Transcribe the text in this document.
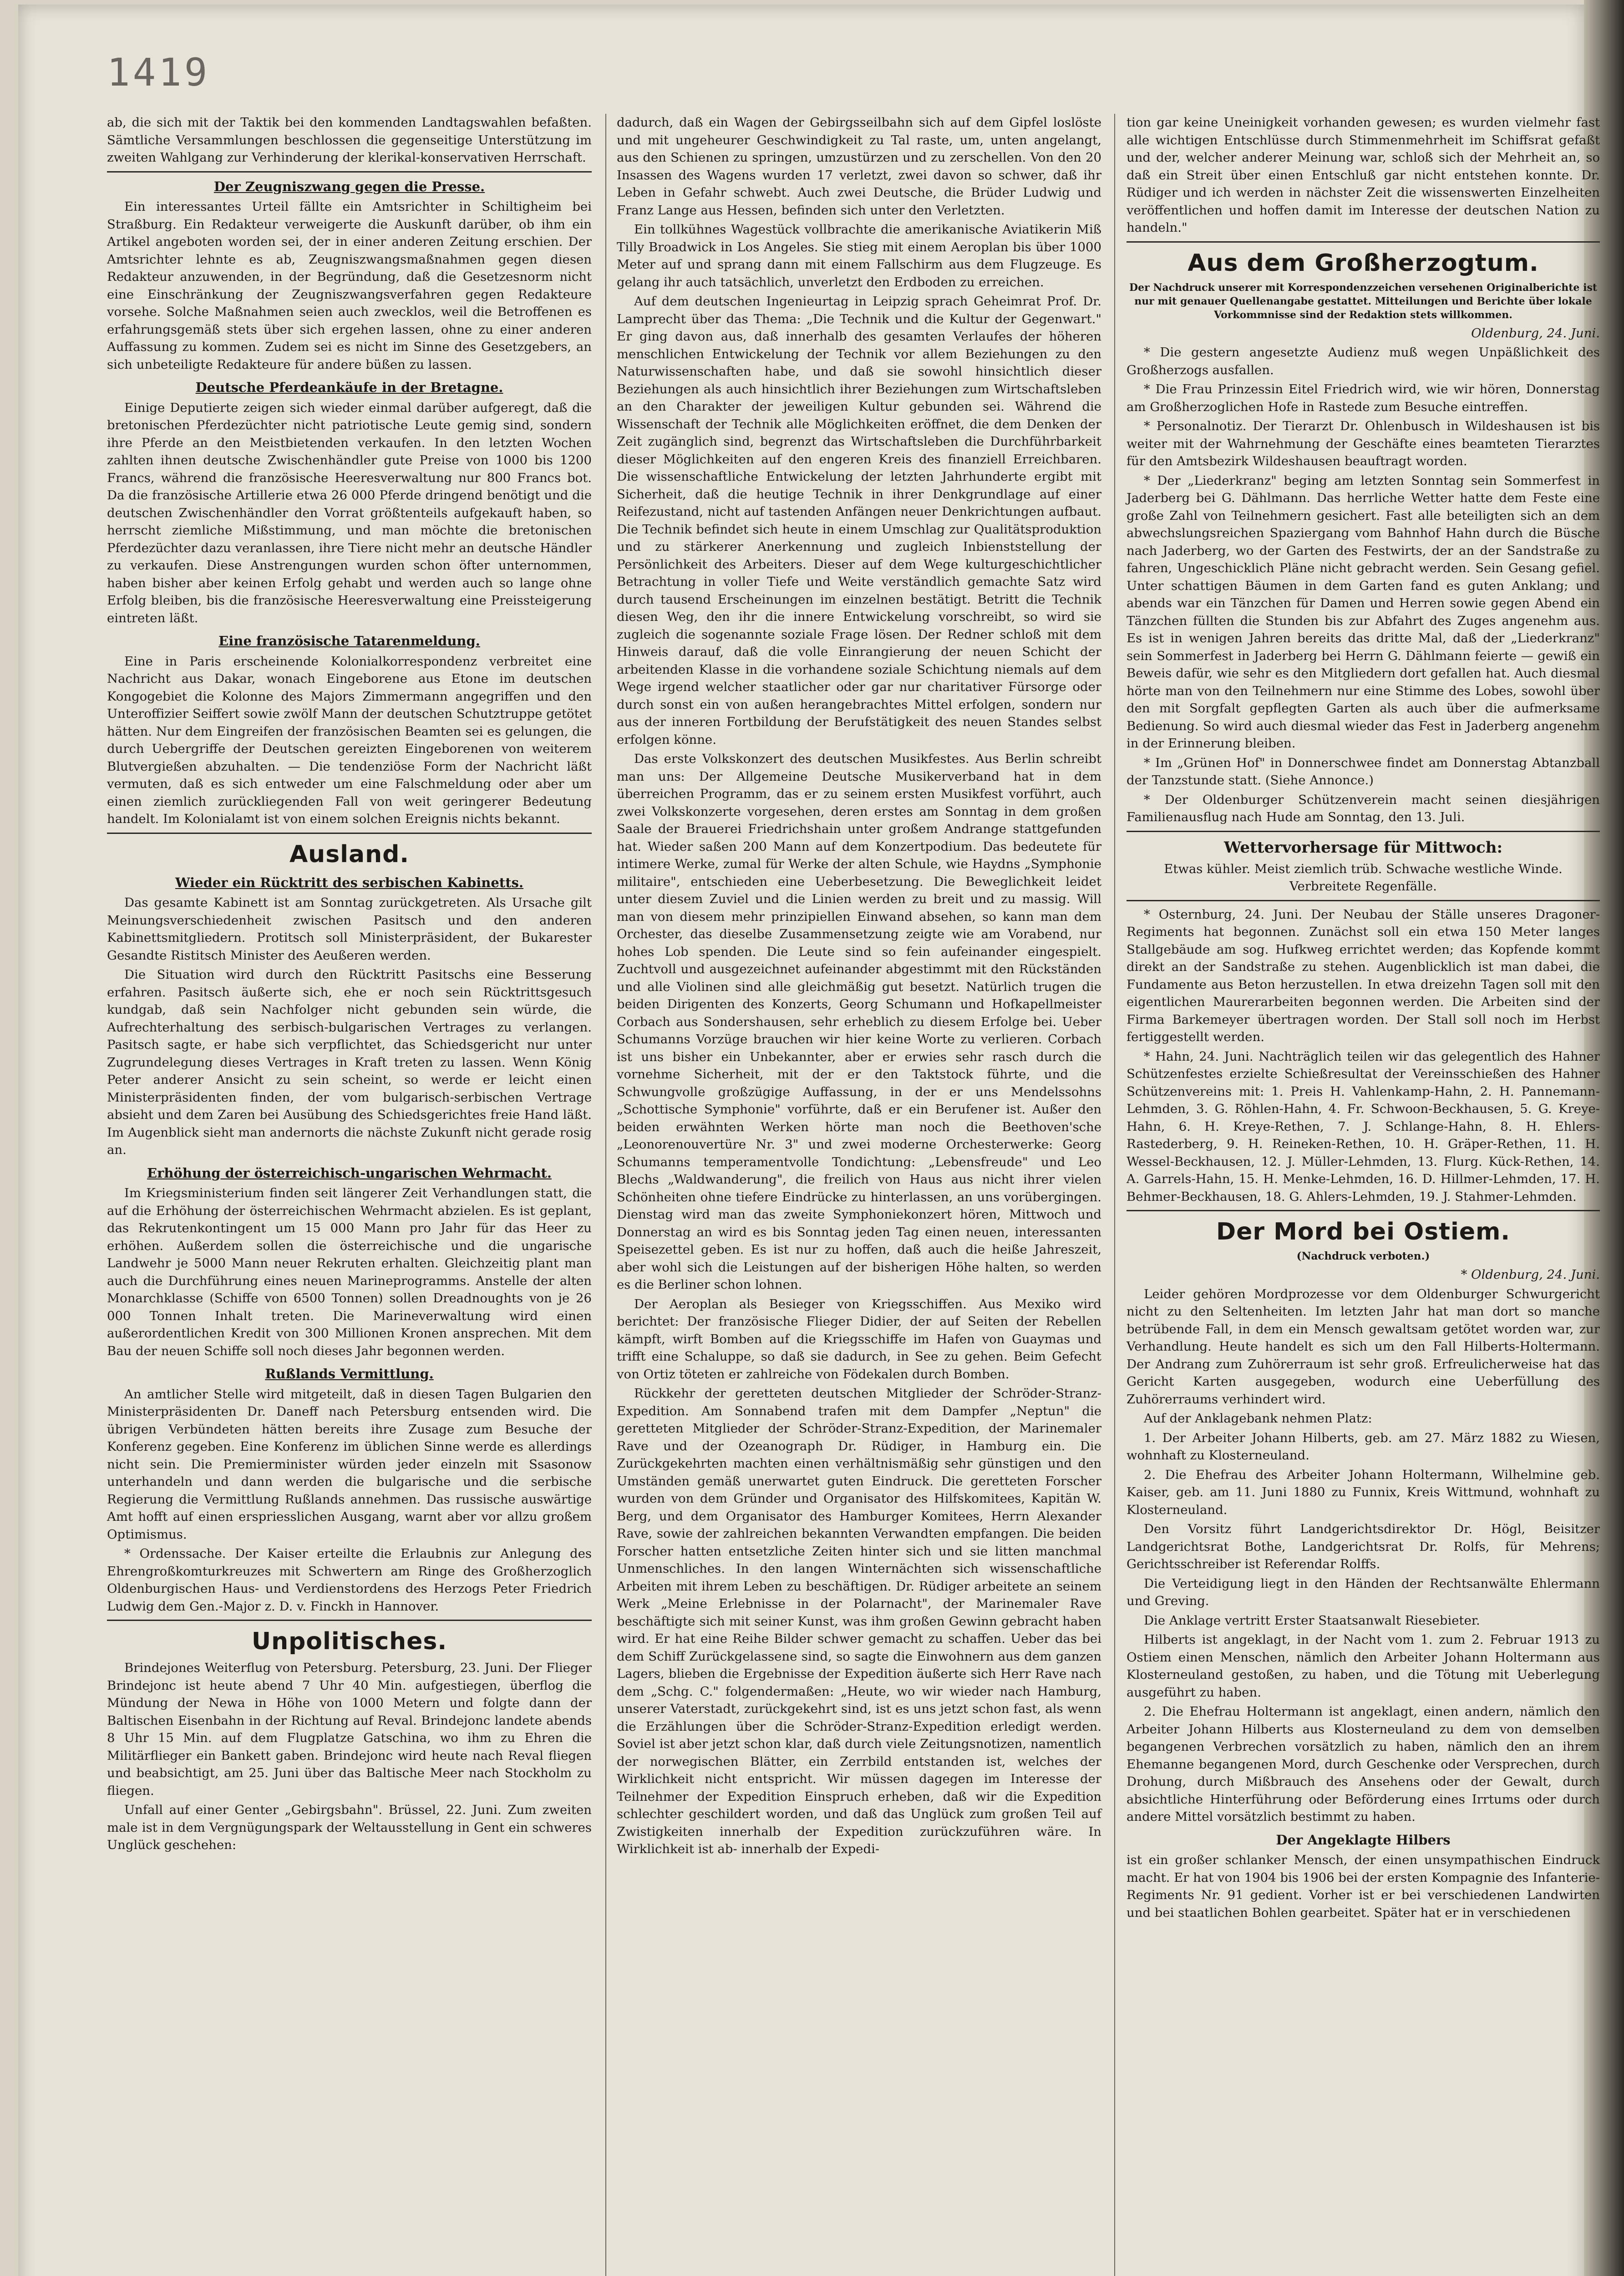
1419

ab, die sich mit der Taktik bei den kommenden Landtagswahlen befaßten. Sämtliche Versammlungen beschlossen die gegenseitige Unterstützung im zweiten Wahlgang zur Verhinderung der klerikal-konservativen Herrschaft.

Der Zeugniszwang gegen die Presse.

Ein interessantes Urteil fällte ein Amtsrichter in Schiltigheim bei Straßburg. Ein Redakteur verweigerte die Auskunft darüber, ob ihm ein Artikel angeboten worden sei, der in einer anderen Zeitung erschien. Der Amtsrichter lehnte es ab, Zeugniszwangsmaßnahmen gegen diesen Redakteur anzuwenden, in der Begründung, daß die Gesetzesnorm nicht eine Einschränkung der Zeugniszwangsverfahren gegen Redakteure vorsehe. Solche Maßnahmen seien auch zwecklos, weil die Betroffenen es erfahrungsgemäß stets über sich ergehen lassen, ohne zu einer anderen Auffassung zu kommen. Zudem sei es nicht im Sinne des Gesetzgebers, an sich unbeteiligte Redakteure für andere büßen zu lassen.

Deutsche Pferdeankäufe in der Bretagne.

Einige Deputierte zeigen sich wieder einmal darüber aufgeregt, daß die bretonischen Pferdezüchter nicht patriotische Leute gemig sind, sondern ihre Pferde an den Meistbietenden verkaufen. In den letzten Wochen zahlten ihnen deutsche Zwischenhändler gute Preise von 1000 bis 1200 Francs, während die französische Heeresverwaltung nur 800 Francs bot. Da die französische Artillerie etwa 26 000 Pferde dringend benötigt und die deutschen Zwischenhändler den Vorrat größtenteils aufgekauft haben, so herrscht ziemliche Mißstimmung, und man möchte die bretonischen Pferdezüchter dazu veranlassen, ihre Tiere nicht mehr an deutsche Händler zu verkaufen. Diese Anstrengungen wurden schon öfter unternommen, haben bisher aber keinen Erfolg gehabt und werden auch so lange ohne Erfolg bleiben, bis die französische Heeresverwaltung eine Preissteigerung eintreten läßt.

Eine französische Tatarenmeldung.

Eine in Paris erscheinende Kolonialkorrespondenz verbreitet eine Nachricht aus Dakar, wonach Eingeborene aus Etone im deutschen Kongogebiet die Kolonne des Majors Zimmermann angegriffen und den Unteroffizier Seiffert sowie zwölf Mann der deutschen Schutztruppe getötet hätten. Nur dem Eingreifen der französischen Beamten sei es gelungen, die durch Uebergriffe der Deutschen gereizten Eingeborenen von weiterem Blutvergießen abzuhalten. — Die tendenziöse Form der Nachricht läßt vermuten, daß es sich entweder um eine Falschmeldung oder aber um einen ziemlich zurückliegenden Fall von weit geringerer Bedeutung handelt. Im Kolonialamt ist von einem solchen Ereignis nichts bekannt.

Ausland.
Wieder ein Rücktritt des serbischen Kabinetts.

Das gesamte Kabinett ist am Sonntag zurückgetreten. Als Ursache gilt Meinungsverschiedenheit zwischen Pasitsch und den anderen Kabinettsmitgliedern. Protitsch soll Ministerpräsident, der Bukarester Gesandte Ristitsch Minister des Aeußeren werden.

Die Situation wird durch den Rücktritt Pasitschs eine Besserung erfahren. Pasitsch äußerte sich, ehe er noch sein Rücktrittsgesuch kundgab, daß sein Nachfolger nicht gebunden sein würde, die Aufrechterhaltung des serbisch-bulgarischen Vertrages zu verlangen. Pasitsch sagte, er habe sich verpflichtet, das Schiedsgericht nur unter Zugrundelegung dieses Vertrages in Kraft treten zu lassen. Wenn König Peter anderer Ansicht zu sein scheint, so werde er leicht einen Ministerpräsidenten finden, der vom bulgarisch-serbischen Vertrage absieht und dem Zaren bei Ausübung des Schiedsgerichtes freie Hand läßt. Im Augenblick sieht man andernorts die nächste Zukunft nicht gerade rosig an.

Erhöhung der österreichisch-ungarischen Wehrmacht.

Im Kriegsministerium finden seit längerer Zeit Verhandlungen statt, die auf die Erhöhung der österreichischen Wehrmacht abzielen. Es ist geplant, das Rekrutenkontingent um 15 000 Mann pro Jahr für das Heer zu erhöhen. Außerdem sollen die österreichische und die ungarische Landwehr je 5000 Mann neuer Rekruten erhalten. Gleichzeitig plant man auch die Durchführung eines neuen Marineprogramms. Anstelle der alten Monarchklasse (Schiffe von 6500 Tonnen) sollen Dreadnoughts von je 26 000 Tonnen Inhalt treten. Die Marineverwaltung wird einen außerordentlichen Kredit von 300 Millionen Kronen ansprechen. Mit dem Bau der neuen Schiffe soll noch dieses Jahr begonnen werden.

Rußlands Vermittlung.

An amtlicher Stelle wird mitgeteilt, daß in diesen Tagen Bulgarien den Ministerpräsidenten Dr. Daneff nach Petersburg entsenden wird. Die übrigen Verbündeten hätten bereits ihre Zusage zum Besuche der Konferenz gegeben. Eine Konferenz im üblichen Sinne werde es allerdings nicht sein. Die Premierminister würden jeder einzeln mit Ssasonow unterhandeln und dann werden die bulgarische und die serbische Regierung die Vermittlung Rußlands annehmen. Das russische auswärtige Amt hofft auf einen erspriesslichen Ausgang, warnt aber vor allzu großem Optimismus.

* Ordenssache. Der Kaiser erteilte die Erlaubnis zur Anlegung des Ehrengroßkomturkreuzes mit Schwertern am Ringe des Großherzoglich Oldenburgischen Haus- und Verdienstordens des Herzogs Peter Friedrich Ludwig dem Gen.-Major z. D. v. Finckh in Hannover.

Unpolitisches.

Brindejones Weiterflug von Petersburg. Petersburg, 23. Juni. Der Flieger Brindejonc ist heute abend 7 Uhr 40 Min. aufgestiegen, überflog die Mündung der Newa in Höhe von 1000 Metern und folgte dann der Baltischen Eisenbahn in der Richtung auf Reval. Brindejonc landete abends 8 Uhr 15 Min. auf dem Flugplatze Gatschina, wo ihm zu Ehren die Militärflieger ein Bankett gaben. Brindejonc wird heute nach Reval fliegen und beabsichtigt, am 25. Juni über das Baltische Meer nach Stockholm zu fliegen.

Unfall auf einer Genter „Gebirgsbahn". Brüssel, 22. Juni. Zum zweiten male ist in dem Vergnügungspark der Weltausstellung in Gent ein schweres Unglück geschehen:

dadurch, daß ein Wagen der Gebirgsseilbahn sich auf dem Gipfel loslöste und mit ungeheurer Geschwindigkeit zu Tal raste, um, unten angelangt, aus den Schienen zu springen, umzustürzen und zu zerschellen. Von den 20 Insassen des Wagens wurden 17 verletzt, zwei davon so schwer, daß ihr Leben in Gefahr schwebt. Auch zwei Deutsche, die Brüder Ludwig und Franz Lange aus Hessen, befinden sich unter den Verletzten.

Ein tollkühnes Wagestück vollbrachte die amerikanische Aviatikerin Miß Tilly Broadwick in Los Angeles. Sie stieg mit einem Aeroplan bis über 1000 Meter auf und sprang dann mit einem Fallschirm aus dem Flugzeuge. Es gelang ihr auch tatsächlich, unverletzt den Erdboden zu erreichen.

Auf dem deutschen Ingenieurtag in Leipzig sprach Geheimrat Prof. Dr. Lamprecht über das Thema: „Die Technik und die Kultur der Gegenwart." Er ging davon aus, daß innerhalb des gesamten Verlaufes der höheren menschlichen Entwickelung der Technik vor allem Beziehungen zu den Naturwissenschaften habe, und daß sie sowohl hinsichtlich dieser Beziehungen als auch hinsichtlich ihrer Beziehungen zum Wirtschaftsleben an den Charakter der jeweiligen Kultur gebunden sei. Während die Wissenschaft der Technik alle Möglichkeiten eröffnet, die dem Denken der Zeit zugänglich sind, begrenzt das Wirtschaftsleben die Durchführbarkeit dieser Möglichkeiten auf den engeren Kreis des finanziell Erreichbaren. Die wissenschaftliche Entwickelung der letzten Jahrhunderte ergibt mit Sicherheit, daß die heutige Technik in ihrer Denkgrundlage auf einer Reifezustand, nicht auf tastenden Anfängen neuer Denkrichtungen aufbaut. Die Technik befindet sich heute in einem Umschlag zur Qualitätsproduktion und zu stärkerer Anerkennung und zugleich Inbienststellung der Persönlichkeit des Arbeiters. Dieser auf dem Wege kulturgeschichtlicher Betrachtung in voller Tiefe und Weite verständlich gemachte Satz wird durch tausend Erscheinungen im einzelnen bestätigt. Betritt die Technik diesen Weg, den ihr die innere Entwickelung vorschreibt, so wird sie zugleich die sogenannte soziale Frage lösen. Der Redner schloß mit dem Hinweis darauf, daß die volle Einrangierung der neuen Schicht der arbeitenden Klasse in die vorhandene soziale Schichtung niemals auf dem Wege irgend welcher staatlicher oder gar nur charitativer Fürsorge oder durch sonst ein von außen herangebrachtes Mittel erfolgen, sondern nur aus der inneren Fortbildung der Berufstätigkeit des neuen Standes selbst erfolgen könne.

Das erste Volkskonzert des deutschen Musikfestes. Aus Berlin schreibt man uns: Der Allgemeine Deutsche Musikerverband hat in dem überreichen Programm, das er zu seinem ersten Musikfest vorführt, auch zwei Volkskonzerte vorgesehen, deren erstes am Sonntag in dem großen Saale der Brauerei Friedrichshain unter großem Andrange stattgefunden hat. Wieder saßen 200 Mann auf dem Konzertpodium. Das bedeutete für intimere Werke, zumal für Werke der alten Schule, wie Haydns „Symphonie militaire", entschieden eine Ueberbesetzung. Die Beweglichkeit leidet unter diesem Zuviel und die Linien werden zu breit und zu massig. Will man von diesem mehr prinzipiellen Einwand absehen, so kann man dem Orchester, das dieselbe Zusammensetzung zeigte wie am Vorabend, nur hohes Lob spenden. Die Leute sind so fein aufeinander eingespielt. Zuchtvoll und ausgezeichnet aufeinander abgestimmt mit den Rückständen und alle Violinen sind alle gleichmäßig gut besetzt. Natürlich trugen die beiden Dirigenten des Konzerts, Georg Schumann und Hofkapellmeister Corbach aus Sondershausen, sehr erheblich zu diesem Erfolge bei. Ueber Schumanns Vorzüge brauchen wir hier keine Worte zu verlieren. Corbach ist uns bisher ein Unbekannter, aber er erwies sehr rasch durch die vornehme Sicherheit, mit der er den Taktstock führte, und die Schwungvolle großzügige Auffassung, in der er uns Mendelssohns „Schottische Symphonie" vorführte, daß er ein Berufener ist. Außer den beiden erwähnten Werken hörte man noch die Beethoven'sche „Leonorenouvertüre Nr. 3" und zwei moderne Orchesterwerke: Georg Schumanns temperamentvolle Tondichtung: „Lebensfreude" und Leo Blechs „Waldwanderung", die freilich von Haus aus nicht ihrer vielen Schönheiten ohne tiefere Eindrücke zu hinterlassen, an uns vorübergingen. Dienstag wird man das zweite Symphoniekonzert hören, Mittwoch und Donnerstag an wird es bis Sonntag jeden Tag einen neuen, interessanten Speisezettel geben. Es ist nur zu hoffen, daß auch die heiße Jahreszeit, aber wohl sich die Leistungen auf der bisherigen Höhe halten, so werden es die Berliner schon lohnen.

Der Aeroplan als Besieger von Kriegsschiffen. Aus Mexiko wird berichtet: Der französische Flieger Didier, der auf Seiten der Rebellen kämpft, wirft Bomben auf die Kriegsschiffe im Hafen von Guaymas und trifft eine Schaluppe, so daß sie dadurch, in See zu gehen. Beim Gefecht von Ortiz töteten er zahlreiche von Födekalen durch Bomben.

Rückkehr der geretteten deutschen Mitglieder der Schröder-Stranz-Expedition. Am Sonnabend trafen mit dem Dampfer „Neptun" die geretteten Mitglieder der Schröder-Stranz-Expedition, der Marinemaler Rave und der Ozeanograph Dr. Rüdiger, in Hamburg ein. Die Zurückgekehrten machten einen verhältnismäßig sehr günstigen und den Umständen gemäß unerwartet guten Eindruck. Die geretteten Forscher wurden von dem Gründer und Organisator des Hilfskomitees, Kapitän W. Berg, und dem Organisator des Hamburger Komitees, Herrn Alexander Rave, sowie der zahlreichen bekannten Verwandten empfangen. Die beiden Forscher hatten entsetzliche Zeiten hinter sich und sie litten manchmal Unmenschliches. In den langen Winternächten sich wissenschaftliche Arbeiten mit ihrem Leben zu beschäftigen. Dr. Rüdiger arbeitete an seinem Werk „Meine Erlebnisse in der Polarnacht", der Marinemaler Rave beschäftigte sich mit seiner Kunst, was ihm großen Gewinn gebracht haben wird. Er hat eine Reihe Bilder schwer gemacht zu schaffen. Ueber das bei dem Schiff Zurückgelassene sind, so sagte die Einwohnern aus dem ganzen Lagers, blieben die Ergebnisse der Expedition äußerte sich Herr Rave nach dem „Schg. C." folgendermaßen: „Heute, wo wir wieder nach Hamburg, unserer Vaterstadt, zurückgekehrt sind, ist es uns jetzt schon fast, als wenn die Erzählungen über die Schröder-Stranz-Expedition erledigt werden. Soviel ist aber jetzt schon klar, daß durch viele Zeitungsnotizen, namentlich der norwegischen Blätter, ein Zerrbild entstanden ist, welches der Wirklichkeit nicht entspricht. Wir müssen dagegen im Interesse der Teilnehmer der Expedition Einspruch erheben, daß wir die Expedition schlechter geschildert worden, und daß das Unglück zum großen Teil auf Zwistigkeiten innerhalb der Expedition zurückzuführen wäre. In Wirklichkeit ist ab- innerhalb der Expedi-

tion gar keine Uneinigkeit vorhanden gewesen; es wurden vielmehr fast alle wichtigen Entschlüsse durch Stimmenmehrheit im Schiffsrat gefaßt und der, welcher anderer Meinung war, schloß sich der Mehrheit an, so daß ein Streit über einen Entschluß gar nicht entstehen konnte. Dr. Rüdiger und ich werden in nächster Zeit die wissenswerten Einzelheiten veröffentlichen und hoffen damit im Interesse der deutschen Nation zu handeln."

Aus dem Großherzogtum.
Der Nachdruck unserer mit Korrespondenzzeichen versehenen Originalberichte ist nur mit genauer Quellenangabe gestattet. Mitteilungen und Berichte über lokale Vorkommnisse sind der Redaktion stets willkommen.
Oldenburg, 24. Juni.

* Die gestern angesetzte Audienz muß wegen Unpäßlichkeit des Großherzogs ausfallen.

* Die Frau Prinzessin Eitel Friedrich wird, wie wir hören, Donnerstag am Großherzoglichen Hofe in Rastede zum Besuche eintreffen.

* Personalnotiz. Der Tierarzt Dr. Ohlenbusch in Wildeshausen ist bis weiter mit der Wahrnehmung der Geschäfte eines beamteten Tierarztes für den Amtsbezirk Wildeshausen beauftragt worden.

* Der „Liederkranz" beging am letzten Sonntag sein Sommerfest in Jaderberg bei G. Dählmann. Das herrliche Wetter hatte dem Feste eine große Zahl von Teilnehmern gesichert. Fast alle beteiligten sich an dem abwechslungsreichen Spaziergang vom Bahnhof Hahn durch die Büsche nach Jaderberg, wo der Garten des Festwirts, der an der Sandstraße zu fahren, Ungeschicklich Pläne nicht gebracht werden. Sein Gesang gefiel. Unter schattigen Bäumen in dem Garten fand es guten Anklang; und abends war ein Tänzchen für Damen und Herren sowie gegen Abend ein Tänzchen füllten die Stunden bis zur Abfahrt des Zuges angenehm aus. Es ist in wenigen Jahren bereits das dritte Mal, daß der „Liederkranz" sein Sommerfest in Jaderberg bei Herrn G. Dählmann feierte — gewiß ein Beweis dafür, wie sehr es den Mitgliedern dort gefallen hat. Auch diesmal hörte man von den Teilnehmern nur eine Stimme des Lobes, sowohl über den mit Sorgfalt gepflegten Garten als auch über die aufmerksame Bedienung. So wird auch diesmal wieder das Fest in Jaderberg angenehm in der Erinnerung bleiben.

* Im „Grünen Hof" in Donnerschwee findet am Donnerstag Abtanzball der Tanzstunde statt. (Siehe Annonce.)

* Der Oldenburger Schützenverein macht seinen diesjährigen Familienausflug nach Hude am Sonntag, den 13. Juli.

Wettervorhersage für Mittwoch:

Etwas kühler. Meist ziemlich trüb. Schwache westliche Winde. Verbreitete Regenfälle.

* Osternburg, 24. Juni. Der Neubau der Ställe unseres Dragoner-Regiments hat begonnen. Zunächst soll ein etwa 150 Meter langes Stallgebäude am sog. Hufkweg errichtet werden; das Kopfende kommt direkt an der Sandstraße zu stehen. Augenblicklich ist man dabei, die Fundamente aus Beton herzustellen. In etwa dreizehn Tagen soll mit den eigentlichen Maurerarbeiten begonnen werden. Die Arbeiten sind der Firma Barkemeyer übertragen worden. Der Stall soll noch im Herbst fertiggestellt werden.

* Hahn, 24. Juni. Nachträglich teilen wir das gelegentlich des Hahner Schützenfestes erzielte Schießresultat der Vereinsschießen des Hahner Schützenvereins mit: 1. Preis H. Vahlenkamp-Hahn, 2. H. Pannemann-Lehmden, 3. G. Röhlen-Hahn, 4. Fr. Schwoon-Beckhausen, 5. G. Kreye-Hahn, 6. H. Kreye-Rethen, 7. J. Schlange-Hahn, 8. H. Ehlers-Rastederberg, 9. H. Reineken-Rethen, 10. H. Gräper-Rethen, 11. H. Wessel-Beckhausen, 12. J. Müller-Lehmden, 13. Flurg. Kück-Rethen, 14. A. Garrels-Hahn, 15. H. Menke-Lehmden, 16. D. Hillmer-Lehmden, 17. H. Behmer-Beckhausen, 18. G. Ahlers-Lehmden, 19. J. Stahmer-Lehmden.

Der Mord bei Ostiem.
(Nachdruck verboten.)
* Oldenburg, 24. Juni.

Leider gehören Mordprozesse vor dem Oldenburger Schwurgericht nicht zu den Seltenheiten. Im letzten Jahr hat man dort so manche betrübende Fall, in dem ein Mensch gewaltsam getötet worden war, zur Verhandlung. Heute handelt es sich um den Fall Hilberts-Holtermann. Der Andrang zum Zuhörerraum ist sehr groß. Erfreulicherweise hat das Gericht Karten ausgegeben, wodurch eine Ueberfüllung des Zuhörerraums verhindert wird.

Auf der Anklagebank nehmen Platz:

1. Der Arbeiter Johann Hilberts, geb. am 27. März 1882 zu Wiesen, wohnhaft zu Klosterneuland.

2. Die Ehefrau des Arbeiter Johann Holtermann, Wilhelmine geb. Kaiser, geb. am 11. Juni 1880 zu Funnix, Kreis Wittmund, wohnhaft zu Klosterneuland.

Den Vorsitz führt Landgerichtsdirektor Dr. Högl, Beisitzer Landgerichtsrat Bothe, Landgerichtsrat Dr. Rolfs, für Mehrens; Gerichtsschreiber ist Referendar Rolffs.

Die Verteidigung liegt in den Händen der Rechtsanwälte Ehlermann und Greving.

Die Anklage vertritt Erster Staatsanwalt Riesebieter.

Hilberts ist angeklagt, in der Nacht vom 1. zum 2. Februar 1913 zu Ostiem einen Menschen, nämlich den Arbeiter Johann Holtermann aus Klosterneuland gestoßen, zu haben, und die Tötung mit Ueberlegung ausgeführt zu haben.

2. Die Ehefrau Holtermann ist angeklagt, einen andern, nämlich den Arbeiter Johann Hilberts aus Klosterneuland zu dem von demselben begangenen Verbrechen vorsätzlich zu haben, nämlich den an ihrem Ehemanne begangenen Mord, durch Geschenke oder Versprechen, durch Drohung, durch Mißbrauch des Ansehens oder der Gewalt, durch absichtliche Hinterführung oder Beförderung eines Irrtums oder durch andere Mittel vorsätzlich bestimmt zu haben.

Der Angeklagte Hilbers

ist ein großer schlanker Mensch, der einen unsympathischen Eindruck macht. Er hat von 1904 bis 1906 bei der ersten Kompagnie des Infanterie-Regiments Nr. 91 gedient. Vorher ist er bei verschiedenen Landwirten und bei staatlichen Bohlen gearbeitet. Später hat er in verschiedenen
